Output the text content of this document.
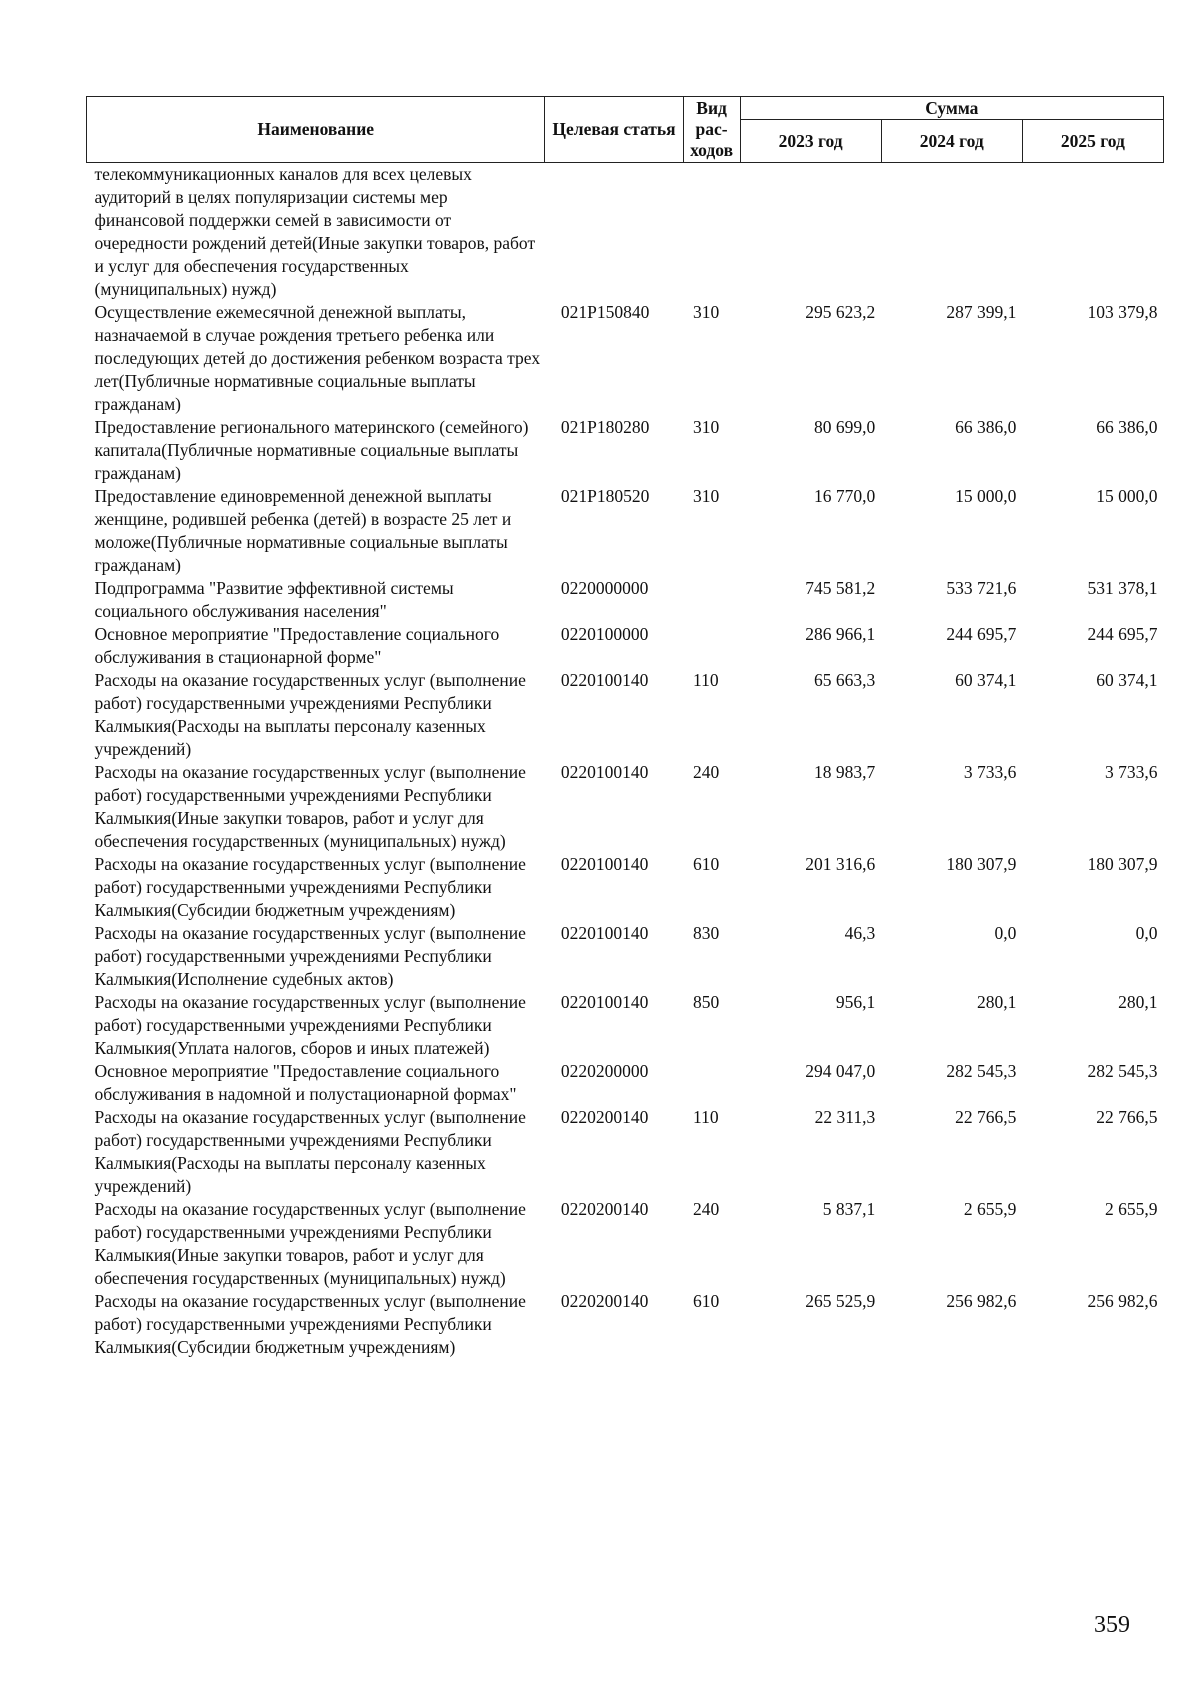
Наименование	Целевая статья	Вид рас-ходов	Сумма		
			2023 год	2024 год	2025 год
телекоммуникационных каналов для всех целевых аудиторий в целях популяризации системы мер финансовой поддержки семей в зависимости от очередности рождений детей(Иные закупки товаров, работ и услуг для обеспечения государственных (муниципальных) нужд)					
Осуществление ежемесячной денежной выплаты, назначаемой в случае рождения третьего ребенка или последующих детей до достижения ребенком возраста трех лет(Публичные нормативные социальные выплаты гражданам)	021P150840	310	295 623,2	287 399,1	103 379,8
Предоставление регионального материнского (семейного) капитала(Публичные нормативные социальные выплаты гражданам)	021P180280	310	80 699,0	66 386,0	66 386,0
Предоставление единовременной денежной выплаты женщине, родившей ребенка (детей) в возрасте 25 лет и моложе(Публичные нормативные социальные выплаты гражданам)	021P180520	310	16 770,0	15 000,0	15 000,0
Подпрограмма "Развитие эффективной системы социального обслуживания населения"	0220000000		745 581,2	533 721,6	531 378,1
Основное мероприятие "Предоставление социального обслуживания в стационарной форме"	0220100000		286 966,1	244 695,7	244 695,7
Расходы на оказание государственных услуг (выполнение работ) государственными учреждениями Республики Калмыкия(Расходы на выплаты персоналу казенных учреждений)	0220100140	110	65 663,3	60 374,1	60 374,1
Расходы на оказание государственных услуг (выполнение работ) государственными учреждениями Республики Калмыкия(Иные закупки товаров, работ и услуг для обеспечения государственных (муниципальных) нужд)	0220100140	240	18 983,7	3 733,6	3 733,6
Расходы на оказание государственных услуг (выполнение работ) государственными учреждениями Республики Калмыкия(Субсидии бюджетным учреждениям)	0220100140	610	201 316,6	180 307,9	180 307,9
Расходы на оказание государственных услуг (выполнение работ) государственными учреждениями Республики Калмыкия(Исполнение судебных актов)	0220100140	830	46,3	0,0	0,0
Расходы на оказание государственных услуг (выполнение работ) государственными учреждениями Республики Калмыкия(Уплата налогов, сборов и иных платежей)	0220100140	850	956,1	280,1	280,1
Основное мероприятие "Предоставление социального обслуживания в надомной и полустационарной формах"	0220200000		294 047,0	282 545,3	282 545,3
Расходы на оказание государственных услуг (выполнение работ) государственными учреждениями Республики Калмыкия(Расходы на выплаты персоналу казенных учреждений)	0220200140	110	22 311,3	22 766,5	22 766,5
Расходы на оказание государственных услуг (выполнение работ) государственными учреждениями Республики Калмыкия(Иные закупки товаров, работ и услуг для обеспечения государственных (муниципальных) нужд)	0220200140	240	5 837,1	2 655,9	2 655,9
Расходы на оказание государственных услуг (выполнение работ) государственными учреждениями Республики Калмыкия(Субсидии бюджетным учреждениям)	0220200140	610	265 525,9	256 982,6	256 982,6
359
